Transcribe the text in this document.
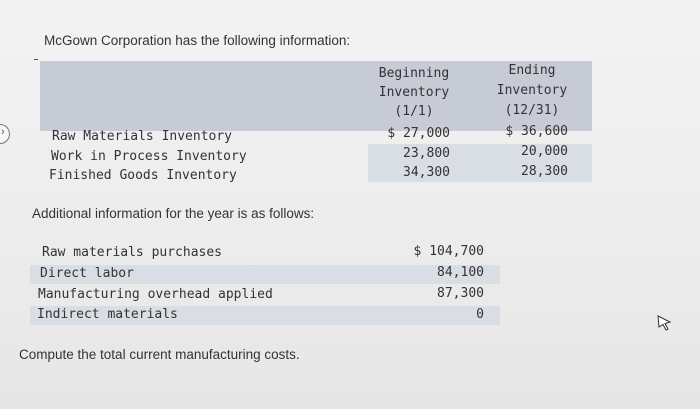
›
McGown Corporation has the following information:
Beginning
Inventory
(1/1)
Ending
Inventory
(12/31)
Raw Materials Inventory
Work in Process Inventory
Finished Goods Inventory
$ 27,000
23,800
34,300
$ 36,600
20,000
28,300
Additional information for the year is as follows:
Raw materials purchases
Direct labor
Manufacturing overhead applied
Indirect materials
$ 104,700
84,100
87,300
0
Compute the total current manufacturing costs.
